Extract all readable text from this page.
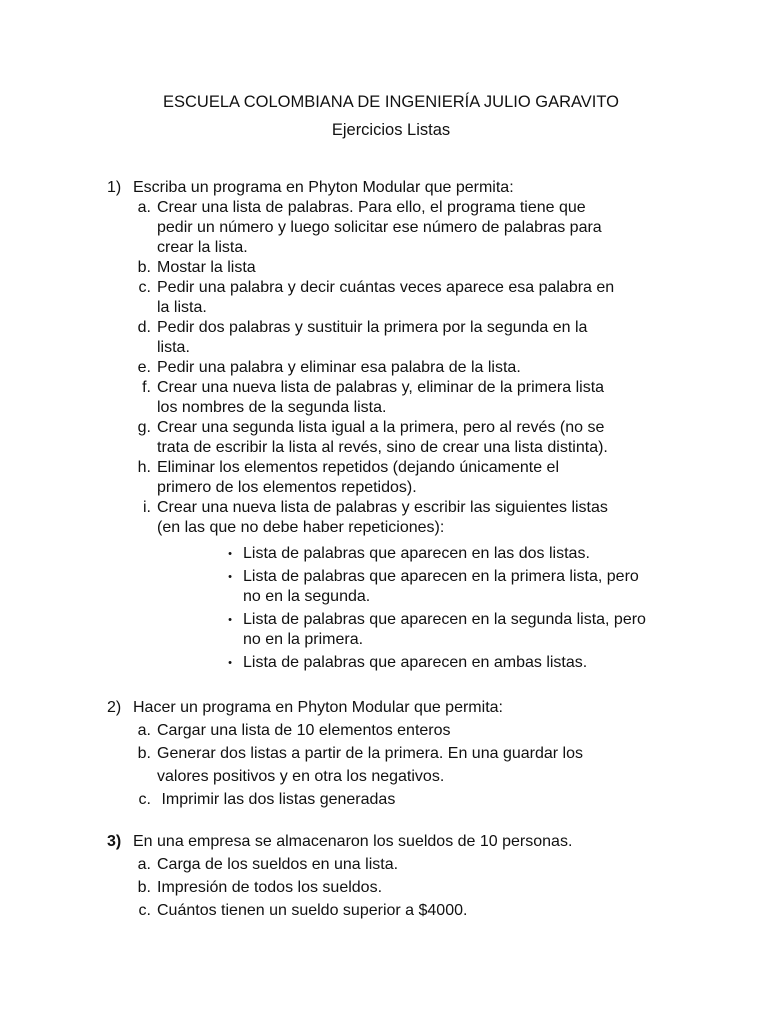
ESCUELA COLOMBIANA DE INGENIERÍA JULIO GARAVITO
Ejercicios Listas
1) Escriba un programa en Phyton Modular que permita:
a. Crear una lista de palabras. Para ello, el programa tiene que
pedir un número y luego solicitar ese número de palabras para
crear la lista.
b. Mostar la lista
c. Pedir una palabra y decir cuántas veces aparece esa palabra en
la lista.
d. Pedir dos palabras y sustituir la primera por la segunda en la
lista.
e. Pedir una palabra y eliminar esa palabra de la lista.
f. Crear una nueva lista de palabras y, eliminar de la primera lista
los nombres de la segunda lista.
g. Crear una segunda lista igual a la primera, pero al revés (no se
trata de escribir la lista al revés, sino de crear una lista distinta).
h. Eliminar los elementos repetidos (dejando únicamente el
primero de los elementos repetidos).
i. Crear una nueva lista de palabras y escribir las siguientes listas
(en las que no debe haber repeticiones):
• Lista de palabras que aparecen en las dos listas.
• Lista de palabras que aparecen en la primera lista, pero
no en la segunda.
• Lista de palabras que aparecen en la segunda lista, pero
no en la primera.
• Lista de palabras que aparecen en ambas listas.
2) Hacer un programa en Phyton Modular que permita:
a. Cargar una lista de 10 elementos enteros
b. Generar dos listas a partir de la primera. En una guardar los
valores positivos y en otra los negativos.
c. Imprimir las dos listas generadas
3) En una empresa se almacenaron los sueldos de 10 personas.
a. Carga de los sueldos en una lista.
b. Impresión de todos los sueldos.
c. Cuántos tienen un sueldo superior a $4000.
